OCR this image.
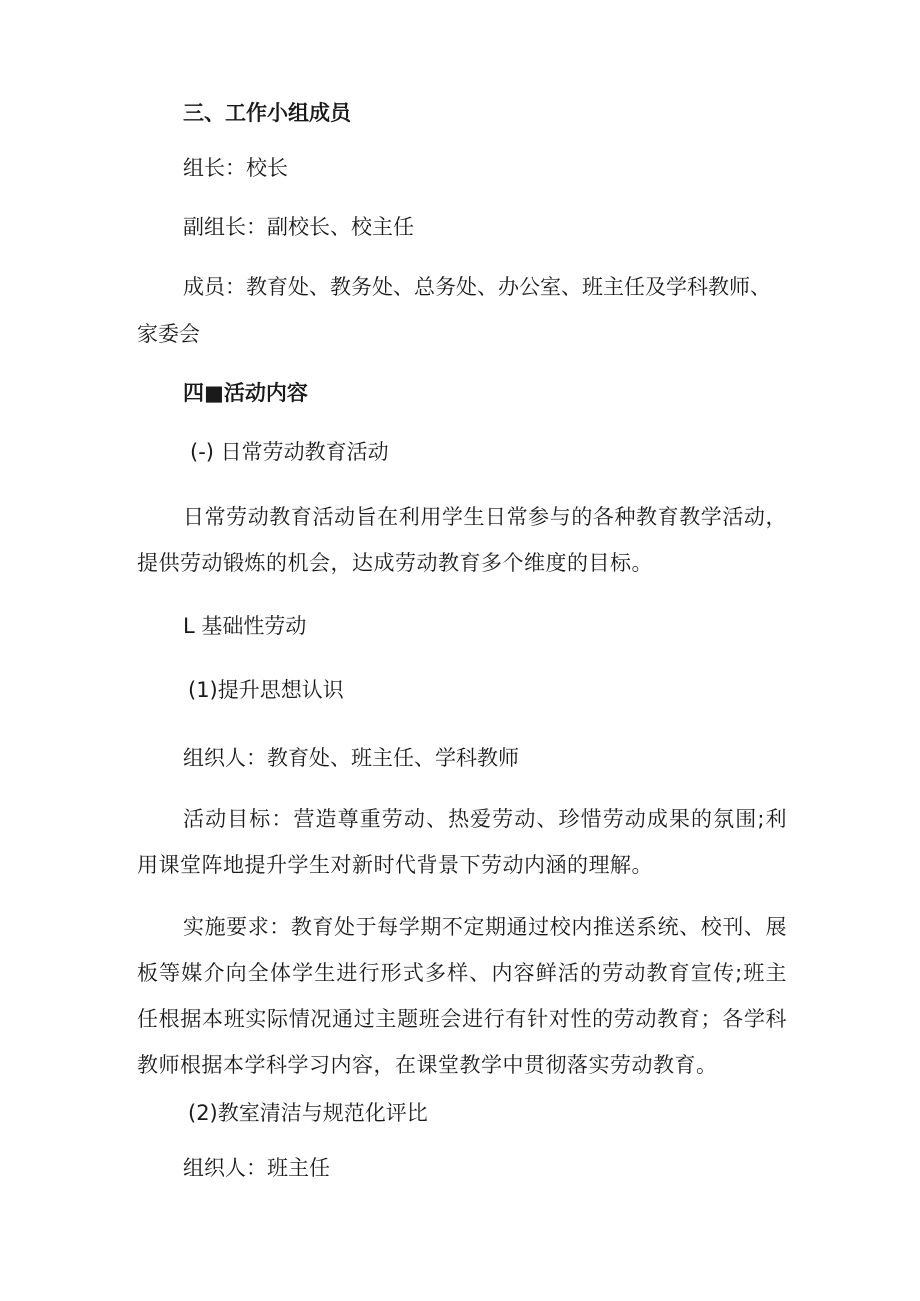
三、工作小组成员
组长：校长
副组长：副校长、校主任
成员：教育处、教务处、总务处、办公室、班主任及学科教师、
家委会
四■活动内容
(-) 日常劳动教育活动
日常劳动教育活动旨在利用学生日常参与的各种教育教学活动，提供劳动锻炼的机会，达成劳动教育多个维度的目标。
L 基础性劳动
(1)提升思想认识
组织人：教育处、班主任、学科教师
活动目标：营造尊重劳动、热爱劳动、珍惜劳动成果的氛围;利用课堂阵地提升学生对新时代背景下劳动内涵的理解。
实施要求：教育处于每学期不定期通过校内推送系统、校刊、展板等媒介向全体学生进行形式多样、内容鲜活的劳动教育宣传;班主任根据本班实际情况通过主题班会进行有针对性的劳动教育；各学科教师根据本学科学习内容，在课堂教学中贯彻落实劳动教育。
(2)教室清洁与规范化评比
组织人：班主任
